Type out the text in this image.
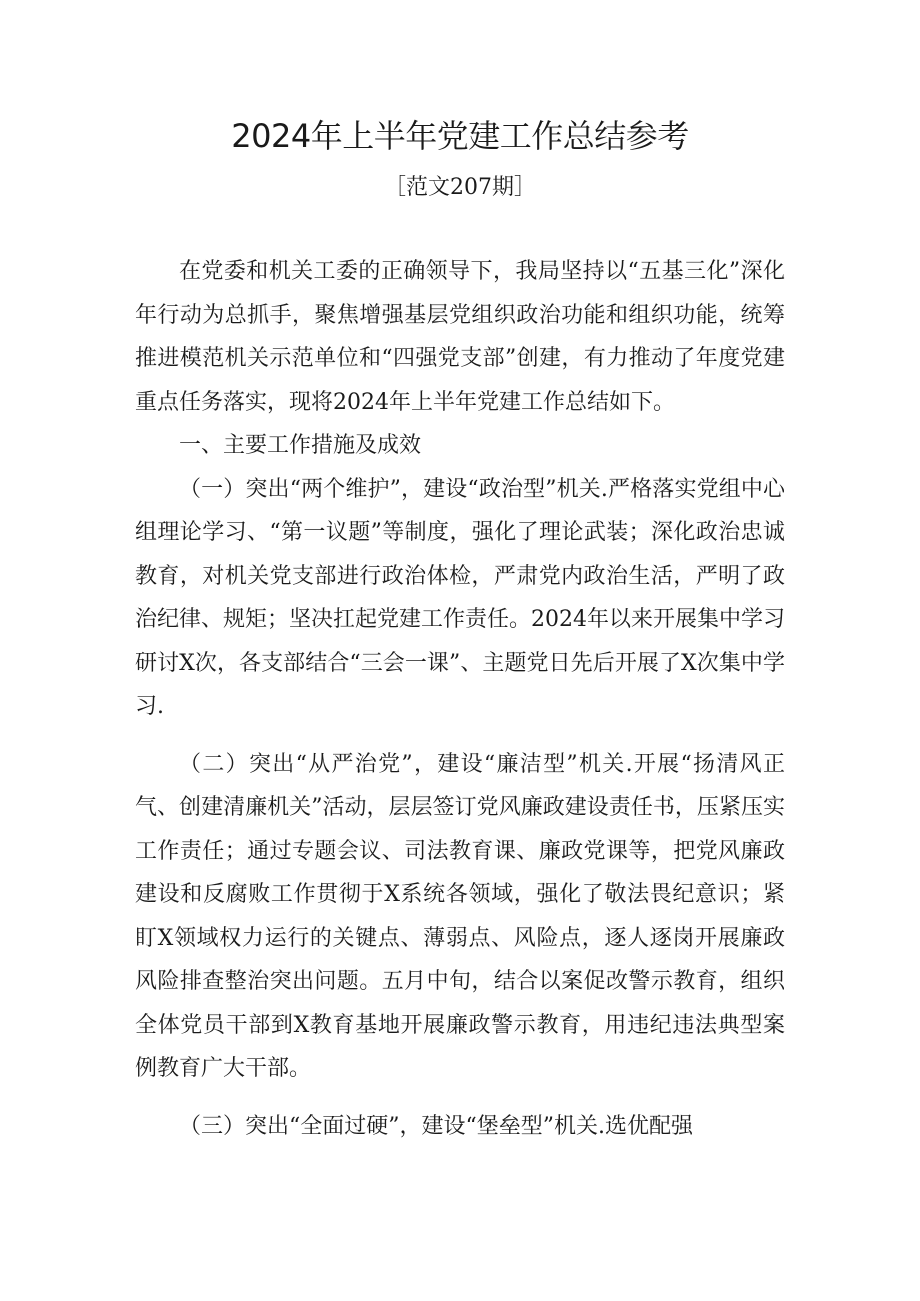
2024年上半年党建工作总结参考

［范文207期］

在党委和机关工委的正确领导下，我局坚持以“五基三化”深化年行动为总抓手，聚焦增强基层党组织政治功能和组织功能，统筹推进模范机关示范单位和“四强党支部”创建，有力推动了年度党建重点任务落实，现将2024年上半年党建工作总结如下。

一、主要工作措施及成效

（一）突出“两个维护”，建设“政治型”机关.严格落实党组中心组理论学习、“第一议题”等制度，强化了理论武装；深化政治忠诚教育，对机关党支部进行政治体检，严肃党内政治生活，严明了政治纪律、规矩；坚决扛起党建工作责任。2024年以来开展集中学习研讨X次，各支部结合“三会一课”、主题党日先后开展了X次集中学习.

（二）突出“从严治党”，建设“廉洁型”机关.开展“扬清风正气、创建清廉机关”活动，层层签订党风廉政建设责任书，压紧压实工作责任；通过专题会议、司法教育课、廉政党课等，把党风廉政建设和反腐败工作贯彻于X系统各领域，强化了敬法畏纪意识；紧盯X领域权力运行的关键点、薄弱点、风险点，逐人逐岗开展廉政风险排查整治突出问题。五月中旬，结合以案促改警示教育，组织全体党员干部到X教育基地开展廉政警示教育，用违纪违法典型案例教育广大干部。

（三）突出“全面过硬”，建设“堡垒型”机关.选优配强
